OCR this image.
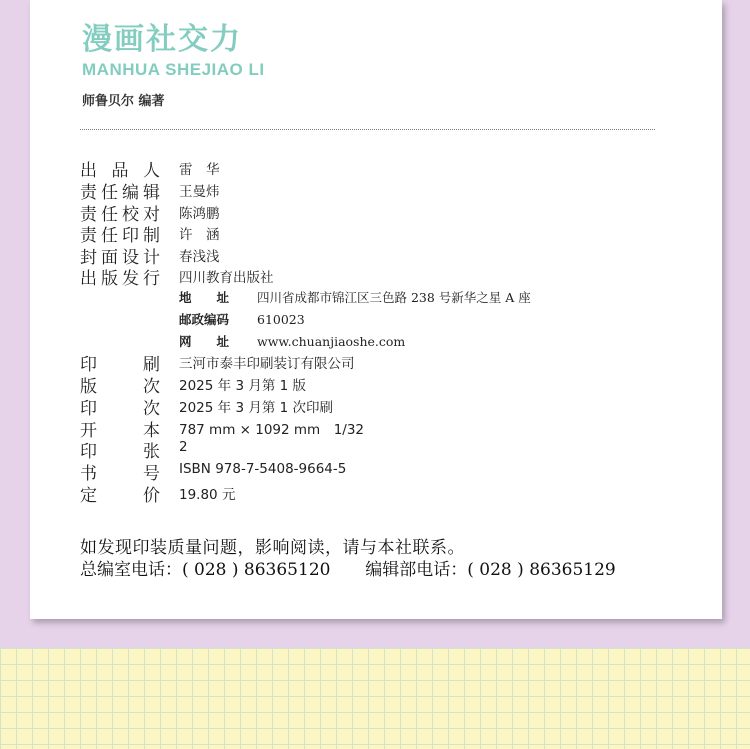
漫画社交力
MANHUA SHEJIAO LI
师鲁贝尔 编著
出 品 人 雷　华
责 任 编 辑 王曼炜
责 任 校 对 陈鸿鹏
责 任 印 制 许　涵
封 面 设 计 春浅浅
出 版 发 行 四川教育出版社
地　　址 四川省成都市锦江区三色路 238 号新华之星 A 座
邮政编码 610023
网　　址 www.chuanjiaoshe.com
印	刷 三河市泰丰印刷装订有限公司
版	次 2025 年 3 月第 1 版
印	次 2025 年 3 月第 1 次印刷
开	本 787 mm × 1092 mm　1/32
印	张 2
书	号 ISBN 978-7-5408-9664-5
定	价 19.80 元
如发现印装质量问题，影响阅读，请与本社联系。
总编室电话：( 028 ) 86365120 编辑部电话：( 028 ) 86365129
